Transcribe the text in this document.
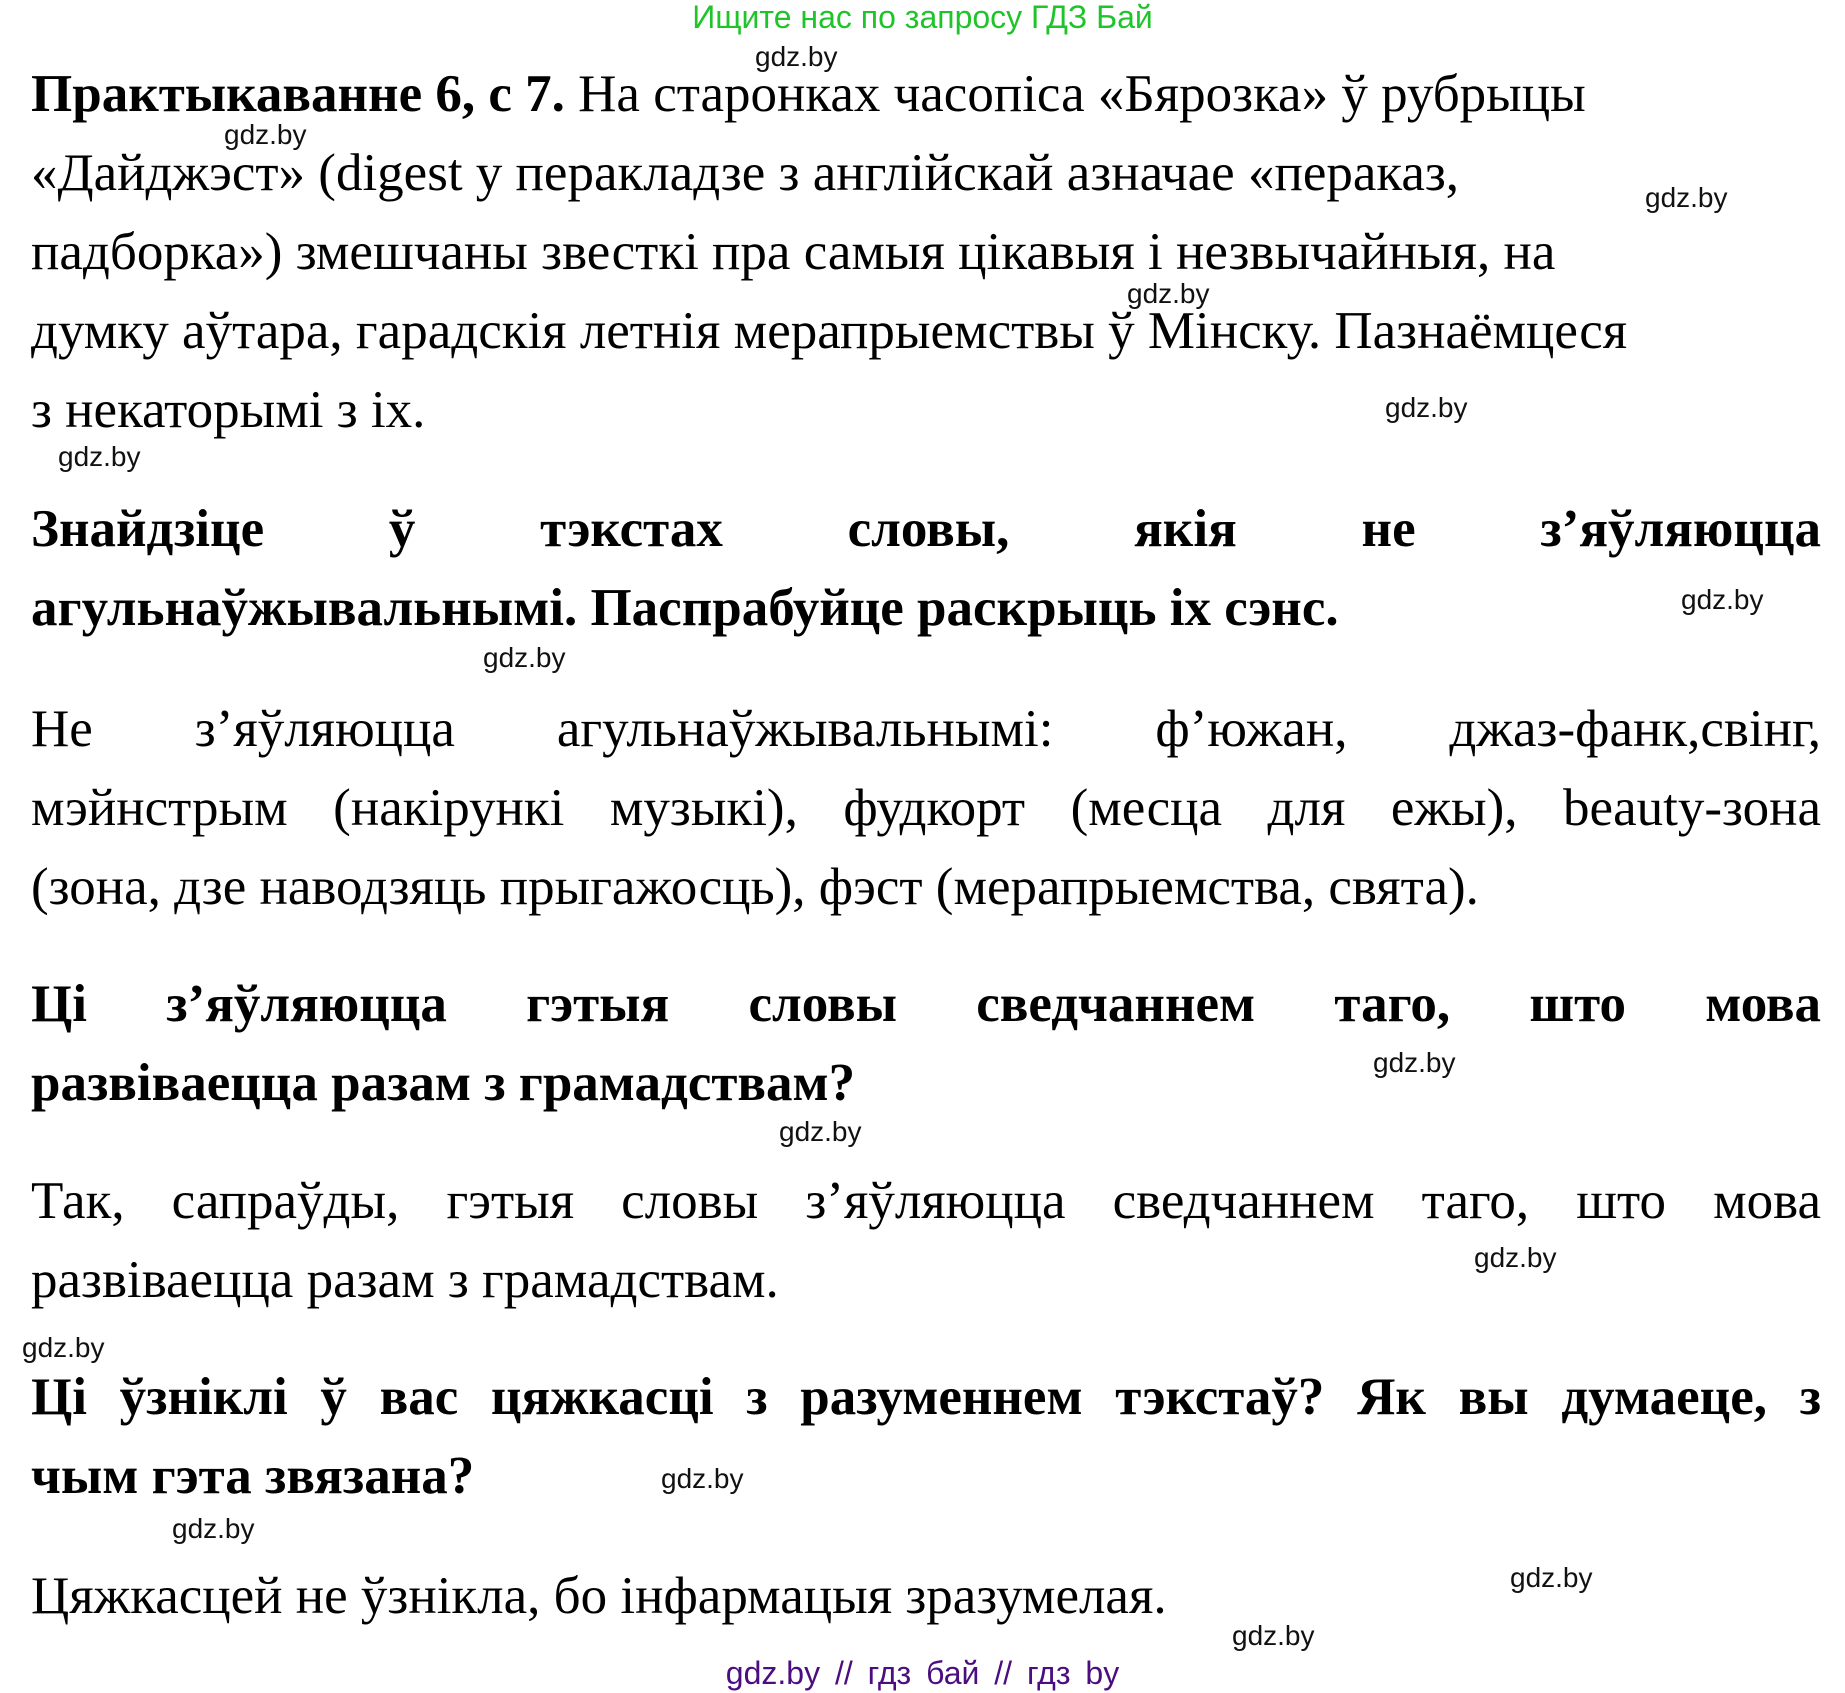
Ищите нас по запросу ГДЗ Бай
Практыкаванне 6, с 7. На старонках часопіса «Бярозка» ў рубрыцы
«Дайджэст» (digest у перакладзе з англійскай азначае «пераказ,
падборка») змешчаны звесткі пра самыя цікавыя і незвычайныя, на
думку аўтара, гарадскія летнія мерапрыемствы ў Мінску. Пазнаёмцеся
з некаторымі з іх.
Знайдзіце ў тэкстах словы, якія не з’яўляюцца
агульнаўжывальнымі. Паспрабуйце раскрыць іх сэнс.
Не з’яўляюцца агульнаўжывальнымі: ф’южан, джаз-фанк,свінг,
мэйнстрым (накірункі музыкі), фудкорт (месца для ежы), beauty-зона
(зона, дзе наводзяць прыгажосць), фэст (мерапрыемства, свята).
Ці з’яўляюцца гэтыя словы сведчаннем таго, што мова
развіваецца разам з грамадствам?
Так, сапраўды, гэтыя словы з’яўляюцца сведчаннем таго, што мова
развіваецца разам з грамадствам.
Ці ўзніклі ў вас цяжкасці з разуменнем тэкстаў? Як вы думаеце, з
чым гэта звязана?
Цяжкасцей не ўзнікла, бо інфармацыя зразумелая.
gdz.by
gdz.by
gdz.by
gdz.by
gdz.by
gdz.by
gdz.by
gdz.by
gdz.by
gdz.by
gdz.by
gdz.by
gdz.by
gdz.by
gdz.by
gdz.by
gdz.by // гдз бай // гдз by
